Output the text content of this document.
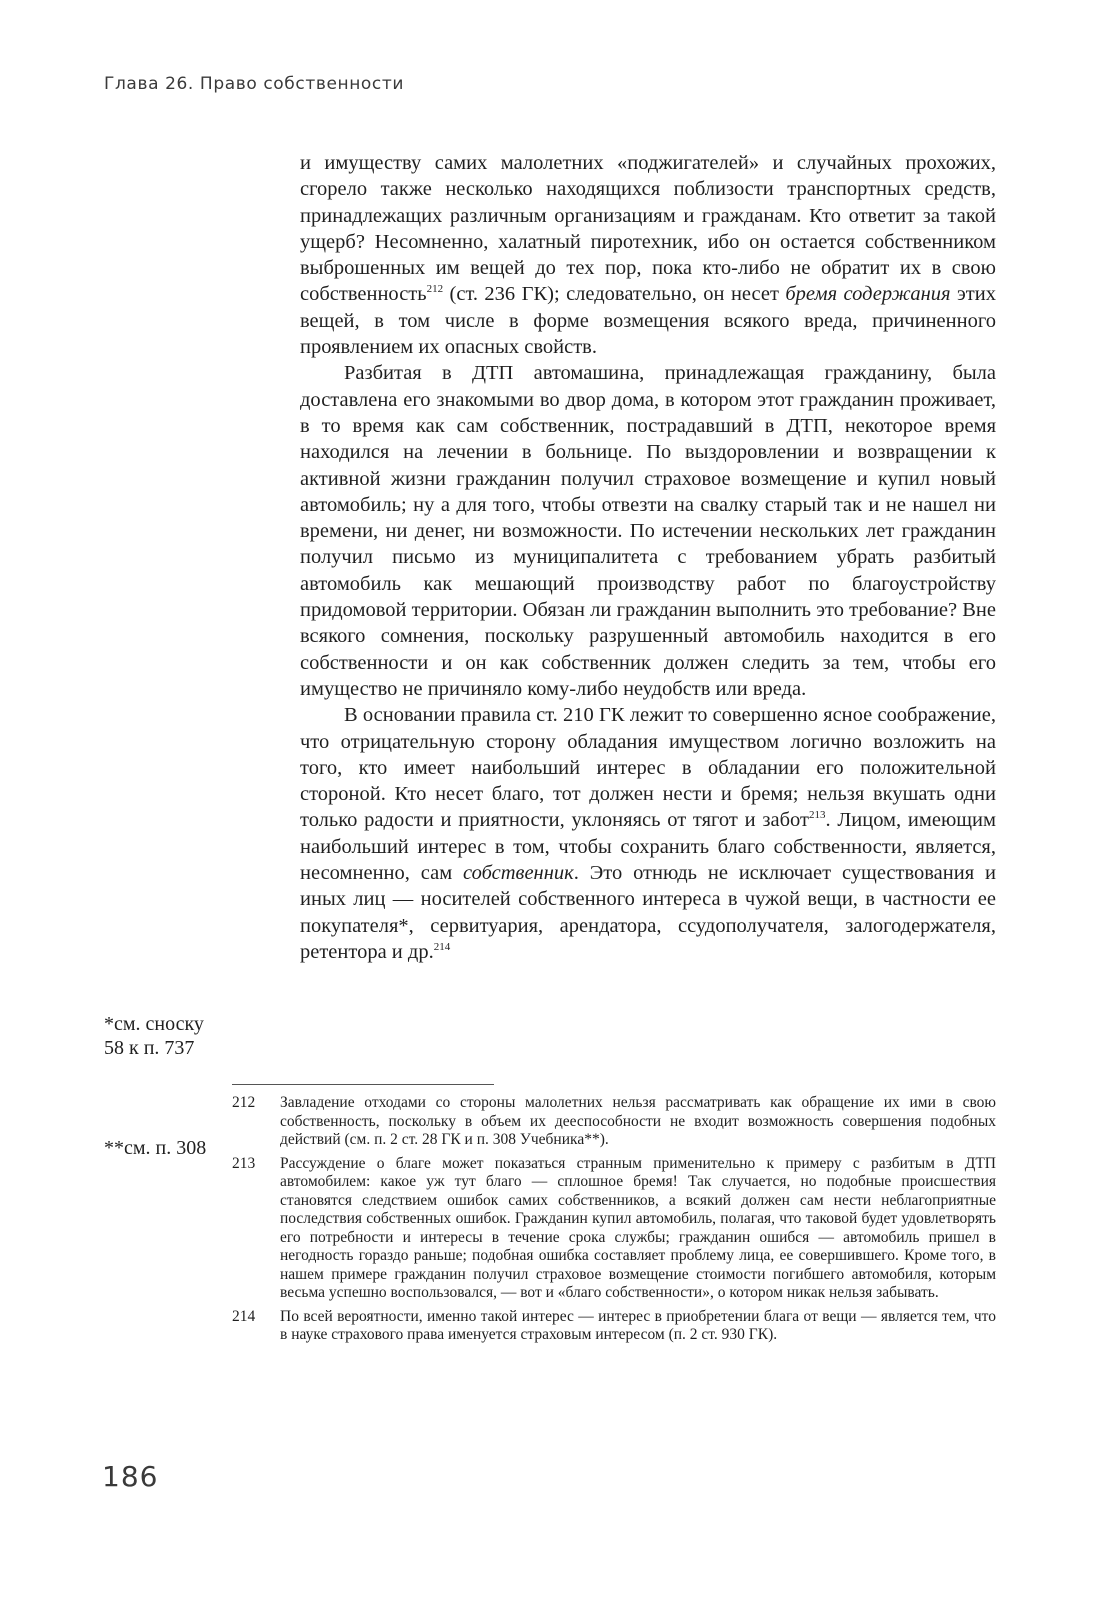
Глава 26. Право собственности

и имуществу самих малолетних «поджигателей» и случайных прохожих, сгорело также несколько находящихся поблизости транспортных средств, принадлежащих различным организациям и гражданам. Кто ответит за такой ущерб? Несомненно, халатный пиротехник, ибо он остается собственником выброшенных им вещей до тех пор, пока кто-либо не обратит их в свою собственность$^{212}$ (ст. 236 ГК); следовательно, он несет бремя содержания этих вещей, в том числе в форме возмещения всякого вреда, причиненного проявлением их опасных свойств.

Разбитая в ДТП автомашина, принадлежащая гражданину, была доставлена его знакомыми во двор дома, в котором этот гражданин проживает, в то время как сам собственник, пострадавший в ДТП, некоторое время находился на лечении в больнице. По выздоровлении и возвращении к активной жизни гражданин получил страховое возмещение и купил новый автомобиль; ну а для того, чтобы отвезти на свалку старый так и не нашел ни времени, ни денег, ни возможности. По истечении нескольких лет гражданин получил письмо из муниципалитета с требованием убрать разбитый автомобиль как мешающий производству работ по благоустройству придомовой территории. Обязан ли гражданин выполнить это требование? Вне всякого сомнения, поскольку разрушенный автомобиль находится в его собственности и он как собственник должен следить за тем, чтобы его имущество не причиняло кому-либо неудобств или вреда.

В основании правила ст. 210 ГК лежит то совершенно ясное соображение, что отрицательную сторону обладания имуществом логично возложить на того, кто имеет наибольший интерес в обладании его положительной стороной. Кто несет благо, тот должен нести и бремя; нельзя вкушать одни только радости и приятности, уклоняясь от тягот и забот$^{213}$. Лицом, имеющим наибольший интерес в том, чтобы сохранить благо собственности, является, несомненно, сам собственник. Это отнюдь не исключает существования и иных лиц — носителей собственного интереса в чужой вещи, в частности ее покупателя*, сервитуария, арендатора, ссудополучателя, залогодержателя, ретентора и др.$^{214}$

*см. сноску
58 к п. 737
**см. п. 308
212	Завладение отходами со стороны малолетних нельзя рассматривать как обращение их ими в свою собственность, поскольку в объем их дееспособности не входит возможность совершения подобных действий (см. п. 2 ст. 28 ГК и п. 308 Учебника**).
213	Рассуждение о благе может показаться странным применительно к примеру с разбитым в ДТП автомобилем: какое уж тут благо — сплошное бремя! Так случается, но подобные происшествия становятся следствием ошибок самих собственников, а всякий должен сам нести неблагоприятные последствия собственных ошибок. Гражданин купил автомобиль, полагая, что таковой будет удовлетворять его потребности и интересы в течение срока службы; гражданин ошибся — автомобиль пришел в негодность гораздо раньше; подобная ошибка составляет проблему лица, ее совершившего. Кроме того, в нашем примере гражданин получил страховое возмещение стоимости погибшего автомобиля, которым весьма успешно воспользовался, — вот и «благо собственности», о котором никак нельзя забывать.
214	По всей вероятности, именно такой интерес — интерес в приобретении блага от вещи — является тем, что в науке страхового права именуется страховым интересом (п. 2 ст. 930 ГК).
186
